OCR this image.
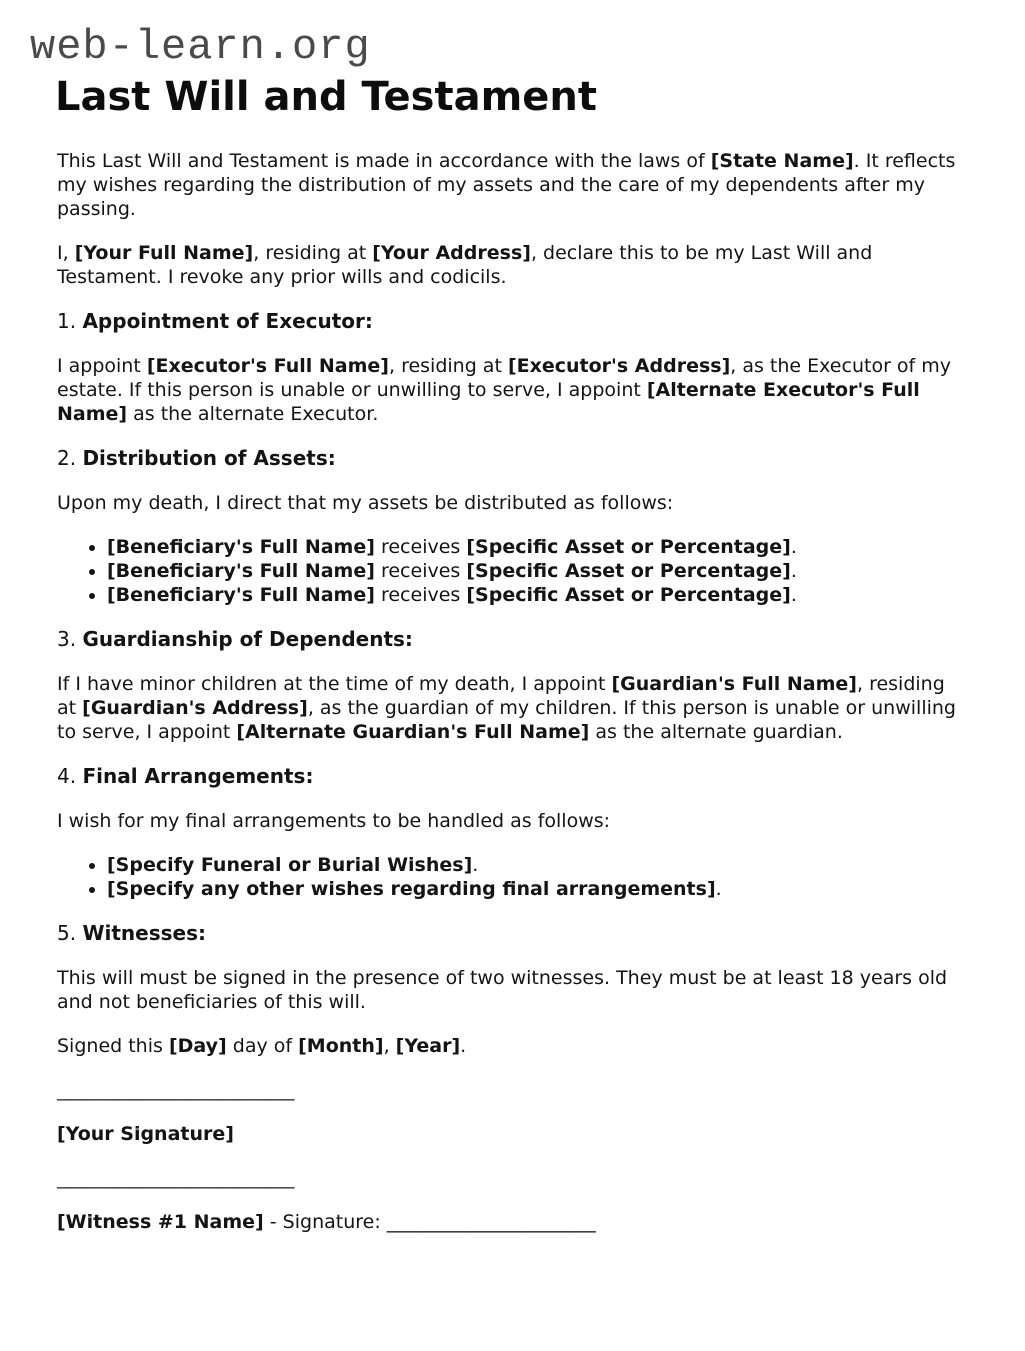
web-learn.org
Last Will and Testament

This Last Will and Testament is made in accordance with the laws of [State Name]. It reflects my wishes regarding the distribution of my assets and the care of my dependents after my passing.

I, [Your Full Name], residing at [Your Address], declare this to be my Last Will and Testament. I revoke any prior wills and codicils.

1. Appointment of Executor:

I appoint [Executor's Full Name], residing at [Executor's Address], as the Executor of my estate. If this person is unable or unwilling to serve, I appoint [Alternate Executor's Full Name] as the alternate Executor.

2. Distribution of Assets:

Upon my death, I direct that my assets be distributed as follows:

• [Beneficiary's Full Name] receives [Specific Asset or Percentage].
• [Beneficiary's Full Name] receives [Specific Asset or Percentage].
• [Beneficiary's Full Name] receives [Specific Asset or Percentage].

3. Guardianship of Dependents:

If I have minor children at the time of my death, I appoint [Guardian's Full Name], residing at [Guardian's Address], as the guardian of my children. If this person is unable or unwilling to serve, I appoint [Alternate Guardian's Full Name] as the alternate guardian.

4. Final Arrangements:

I wish for my final arrangements to be handled as follows:

• [Specify Funeral or Burial Wishes].
• [Specify any other wishes regarding final arrangements].

5. Witnesses:

This will must be signed in the presence of two witnesses. They must be at least 18 years old and not beneficiaries of this will.

Signed this [Day] day of [Month], [Year].

_________________________

[Your Signature]

_________________________

[Witness #1 Name] - Signature: ______________________
